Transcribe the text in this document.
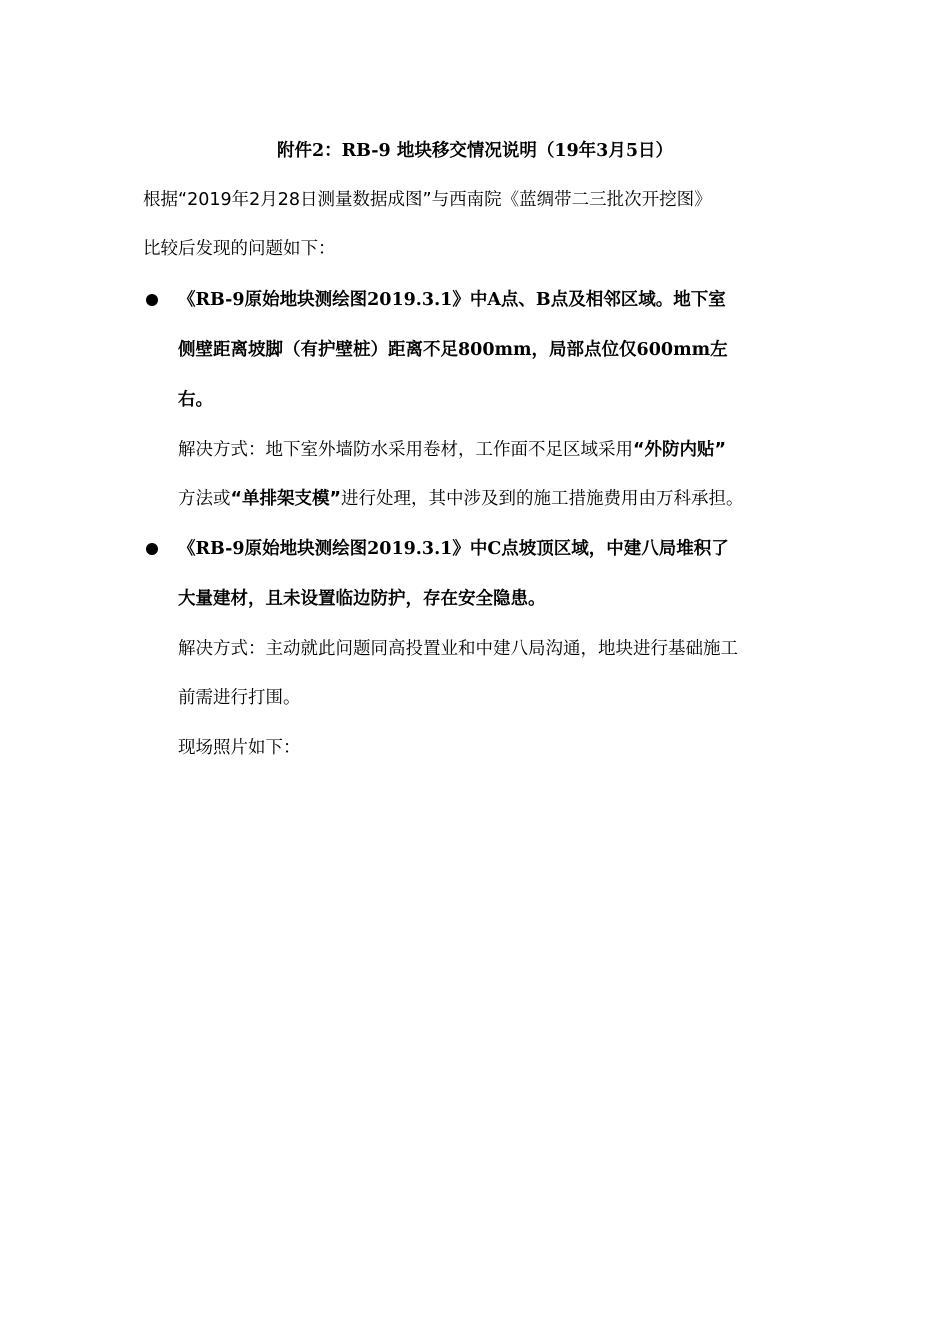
附件2：RB-9 地块移交情况说明（19年3月5日）
根据“2019年2月28日测量数据成图”与西南院《蓝绸带二三批次开挖图》
比较后发现的问题如下：
《RB-9原始地块测绘图2019.3.1》中A点、B点及相邻区域。地下室
侧壁距离坡脚（有护壁桩）距离不足800mm，局部点位仅600mm左
右。
解决方式：地下室外墙防水采用卷材，工作面不足区域采用“外防内贴”
方法或“单排架支模”进行处理，其中涉及到的施工措施费用由万科承担。
《RB-9原始地块测绘图2019.3.1》中C点坡顶区域，中建八局堆积了
大量建材，且未设置临边防护，存在安全隐患。
解决方式：主动就此问题同高投置业和中建八局沟通，地块进行基础施工
前需进行打围。
现场照片如下：
